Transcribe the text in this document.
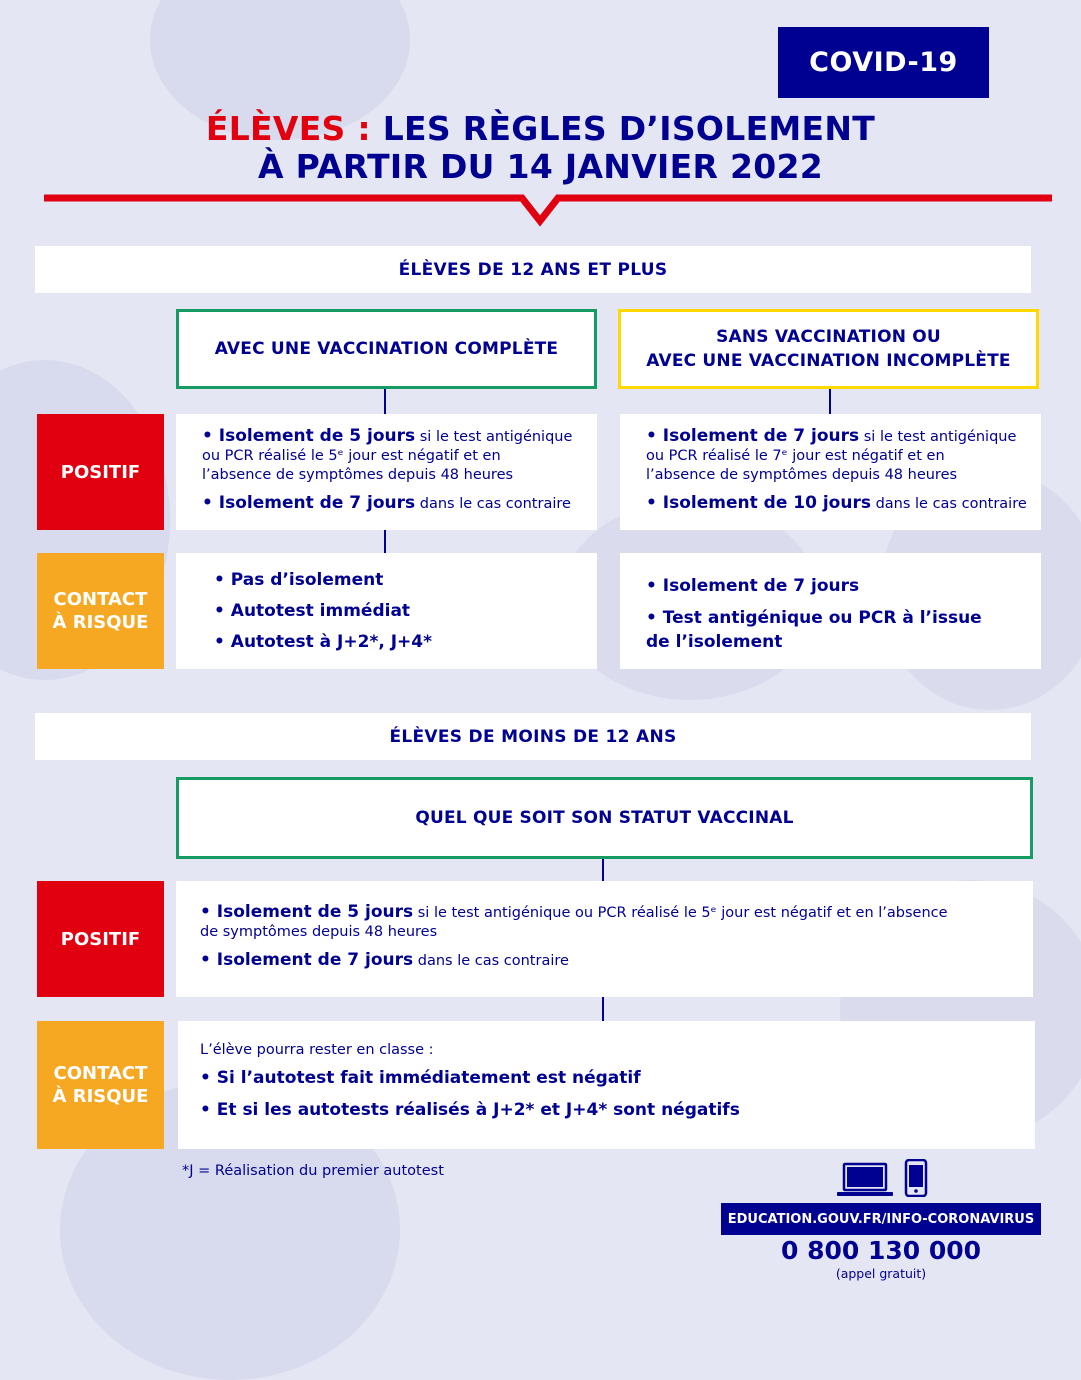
COVID-19
ÉLÈVES : LES RÈGLES D’ISOLEMENT
À PARTIR DU 14 JANVIER 2022
ÉLÈVES DE 12 ANS ET PLUS
AVEC UNE VACCINATION COMPLÈTE
SANS VACCINATION OU
AVEC UNE VACCINATION INCOMPLÈTE
POSITIF
• Isolement de 5 jours si le test antigénique
ou PCR réalisé le 5ᵉ jour est négatif et en
l’absence de symptômes depuis 48 heures
• Isolement de 7 jours dans le cas contraire
• Isolement de 7 jours si le test antigénique
ou PCR réalisé le 7ᵉ jour est négatif et en
l’absence de symptômes depuis 48 heures
• Isolement de 10 jours dans le cas contraire
CONTACT
À RISQUE
• Pas d’isolement
• Autotest immédiat
• Autotest à J+2*, J+4*
• Isolement de 7 jours
• Test antigénique ou PCR à l’issue
de l’isolement
ÉLÈVES DE MOINS DE 12 ANS
QUEL QUE SOIT SON STATUT VACCINAL
POSITIF
• Isolement de 5 jours si le test antigénique ou PCR réalisé le 5ᵉ jour est négatif et en l’absence
de symptômes depuis 48 heures
• Isolement de 7 jours dans le cas contraire
CONTACT
À RISQUE
L’élève pourra rester en classe :
• Si l’autotest fait immédiatement est négatif
• Et si les autotests réalisés à J+2* et J+4* sont négatifs
*J = Réalisation du premier autotest
EDUCATION.GOUV.FR/INFO-CORONAVIRUS
0 800 130 000
(appel gratuit)
